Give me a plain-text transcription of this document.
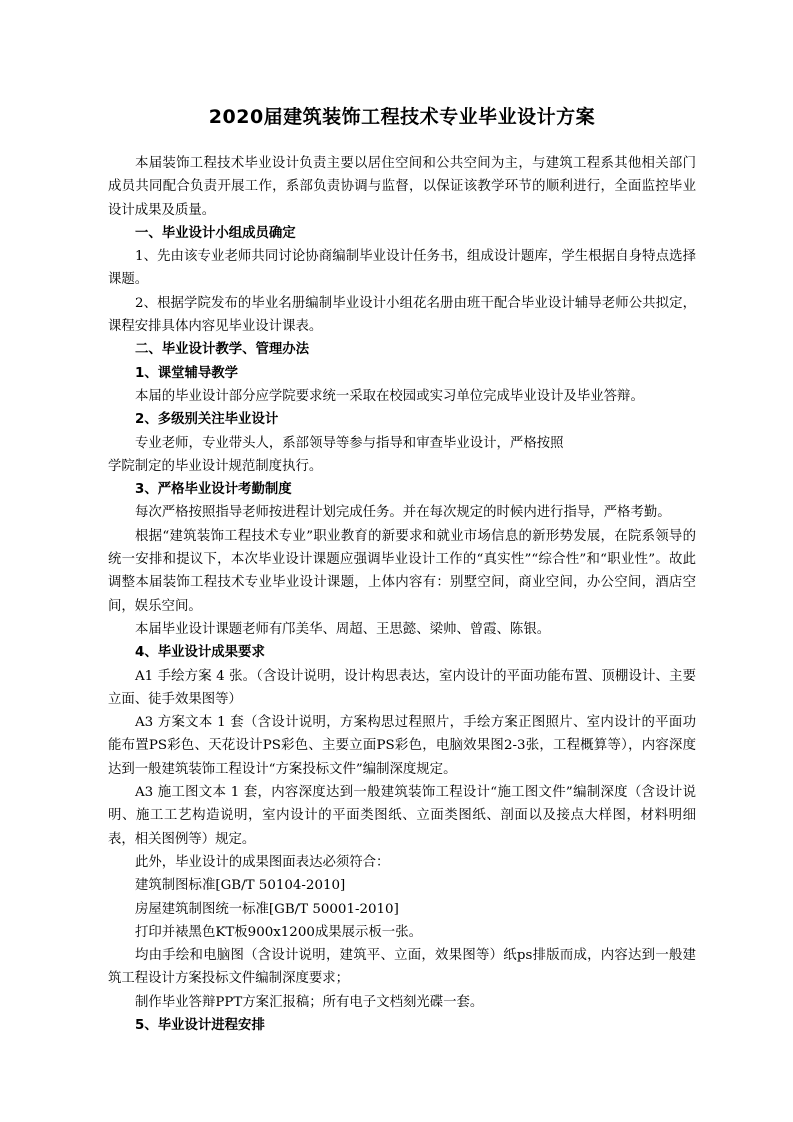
2020届建筑装饰工程技术专业毕业设计方案

本届装饰工程技术毕业设计负责主要以居住空间和公共空间为主，与建筑工程系其他相关部门成员共同配合负责开展工作，系部负责协调与监督，以保证该教学环节的顺利进行，全面监控毕业设计成果及质量。

一、毕业设计小组成员确定

1、先由该专业老师共同讨论协商编制毕业设计任务书，组成设计题库，学生根据自身特点选择课题。

2、根据学院发布的毕业名册编制毕业设计小组花名册由班干配合毕业设计辅导老师公共拟定，课程安排具体内容见毕业设计课表。

二、毕业设计教学、管理办法

1、课堂辅导教学

本届的毕业设计部分应学院要求统一采取在校园或实习单位完成毕业设计及毕业答辩。

2、多级别关注毕业设计

专业老师，专业带头人，系部领导等参与指导和审查毕业设计，严格按照

学院制定的毕业设计规范制度执行。

3、严格毕业设计考勤制度

每次严格按照指导老师按进程计划完成任务。并在每次规定的时候内进行指导，严格考勤。

根据“建筑装饰工程技术专业”职业教育的新要求和就业市场信息的新形势发展，在院系领导的统一安排和提议下，本次毕业设计课题应强调毕业设计工作的“真实性”“综合性”和“职业性”。故此调整本届装饰工程技术专业毕业设计课题，上体内容有：别墅空间，商业空间，办公空间，酒店空间，娱乐空间。

本届毕业设计课题老师有邝美华、周超、王思懿、梁帅、曾霞、陈银。

4、毕业设计成果要求

A1 手绘方案 4 张。（含设计说明，设计构思表达，室内设计的平面功能布置、顶棚设计、主要立面、徒手效果图等）

A3 方案文本 1 套（含设计说明，方案构思过程照片，手绘方案正图照片、室内设计的平面功能布置PS彩色、天花设计PS彩色、主要立面PS彩色，电脑效果图2-3张，工程概算等），内容深度达到一般建筑装饰工程设计“方案投标文件”编制深度规定。

A3 施工图文本 1 套，内容深度达到一般建筑装饰工程设计“施工图文件”编制深度（含设计说明、施工工艺构造说明，室内设计的平面类图纸、立面类图纸、剖面以及接点大样图，材料明细表，相关图例等）规定。

此外，毕业设计的成果图面表达必须符合：

建筑制图标准[GB/T 50104-2010]

房屋建筑制图统一标准[GB/T 50001-2010]

打印并裱黑色KT板900x1200成果展示板一张。

均由手绘和电脑图（含设计说明，建筑平、立面，效果图等）纸ps排版而成，内容达到一般建筑工程设计方案投标文件编制深度要求；

制作毕业答辩PPT方案汇报稿；所有电子文档刻光碟一套。

5、毕业设计进程安排
